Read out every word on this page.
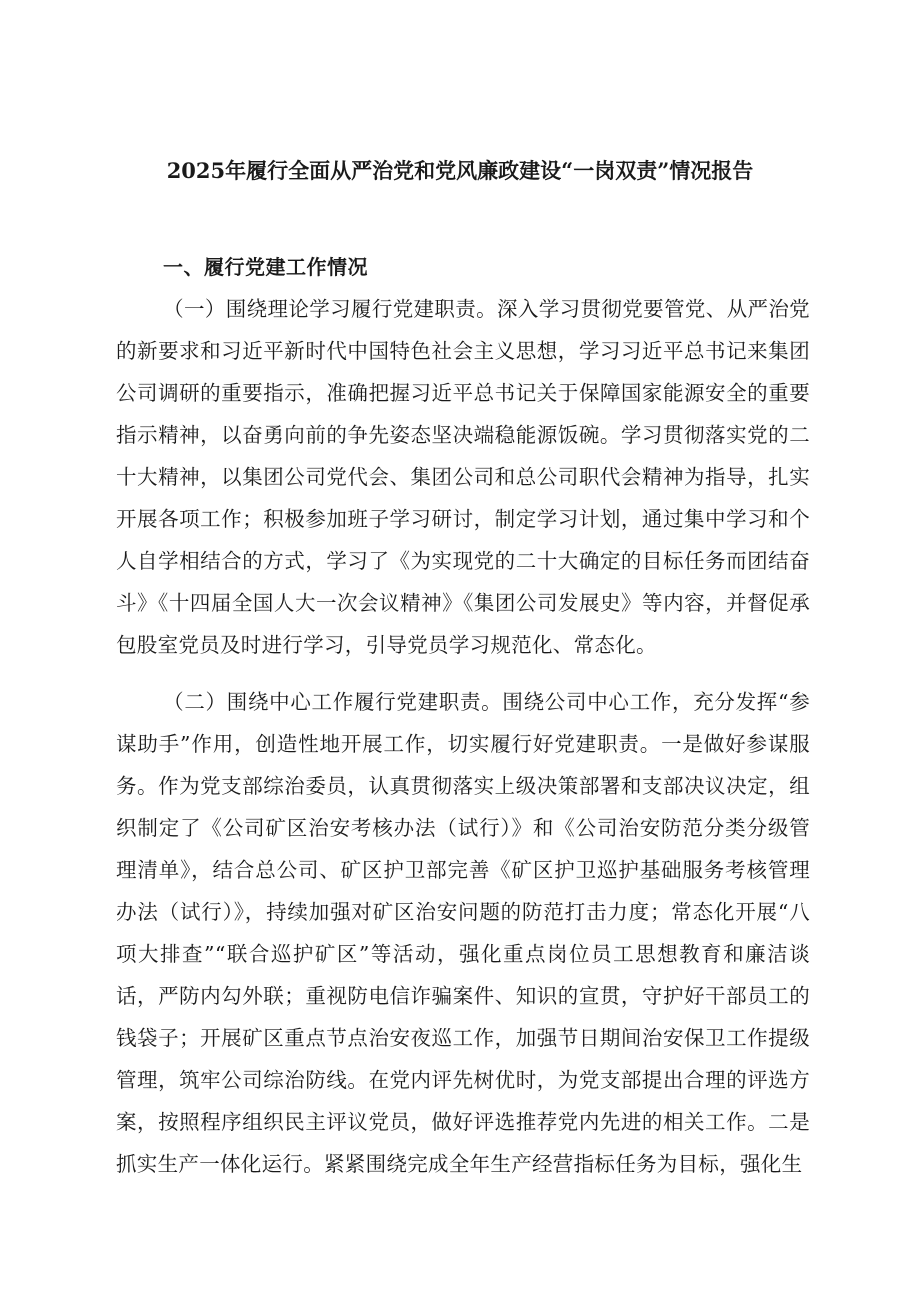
2025年履行全面从严治党和党风廉政建设“一岗双责”情况报告
一、履行党建工作情况

（一）围绕理论学习履行党建职责。深入学习贯彻党要管党、从严治党的新要求和习近平新时代中国特色社会主义思想，学习习近平总书记来集团公司调研的重要指示，准确把握习近平总书记关于保障国家能源安全的重要指示精神，以奋勇向前的争先姿态坚决端稳能源饭碗。学习贯彻落实党的二十大精神，以集团公司党代会、集团公司和总公司职代会精神为指导，扎实开展各项工作；积极参加班子学习研讨，制定学习计划，通过集中学习和个人自学相结合的方式，学习了《为实现党的二十大确定的目标任务而团结奋斗》《十四届全国人大一次会议精神》《集团公司发展史》等内容，并督促承包股室党员及时进行学习，引导党员学习规范化、常态化。

（二）围绕中心工作履行党建职责。围绕公司中心工作，充分发挥“参谋助手”作用，创造性地开展工作，切实履行好党建职责。一是做好参谋服务。作为党支部综治委员，认真贯彻落实上级决策部署和支部决议决定，组织制定了《公司矿区治安考核办法（试行）》和《公司治安防范分类分级管理清单》，结合总公司、矿区护卫部完善《矿区护卫巡护基础服务考核管理办法（试行）》，持续加强对矿区治安问题的防范打击力度；常态化开展“八项大排查”“联合巡护矿区”等活动，强化重点岗位员工思想教育和廉洁谈话，严防内勾外联；重视防电信诈骗案件、知识的宣贯，守护好干部员工的钱袋子；开展矿区重点节点治安夜巡工作，加强节日期间治安保卫工作提级管理，筑牢公司综治防线。在党内评先树优时，为党支部提出合理的评选方案，按照程序组织民主评议党员，做好评选推荐党内先进的相关工作。二是抓实生产一体化运行。紧紧围绕完成全年生产经营指标任务为目标，强化生
